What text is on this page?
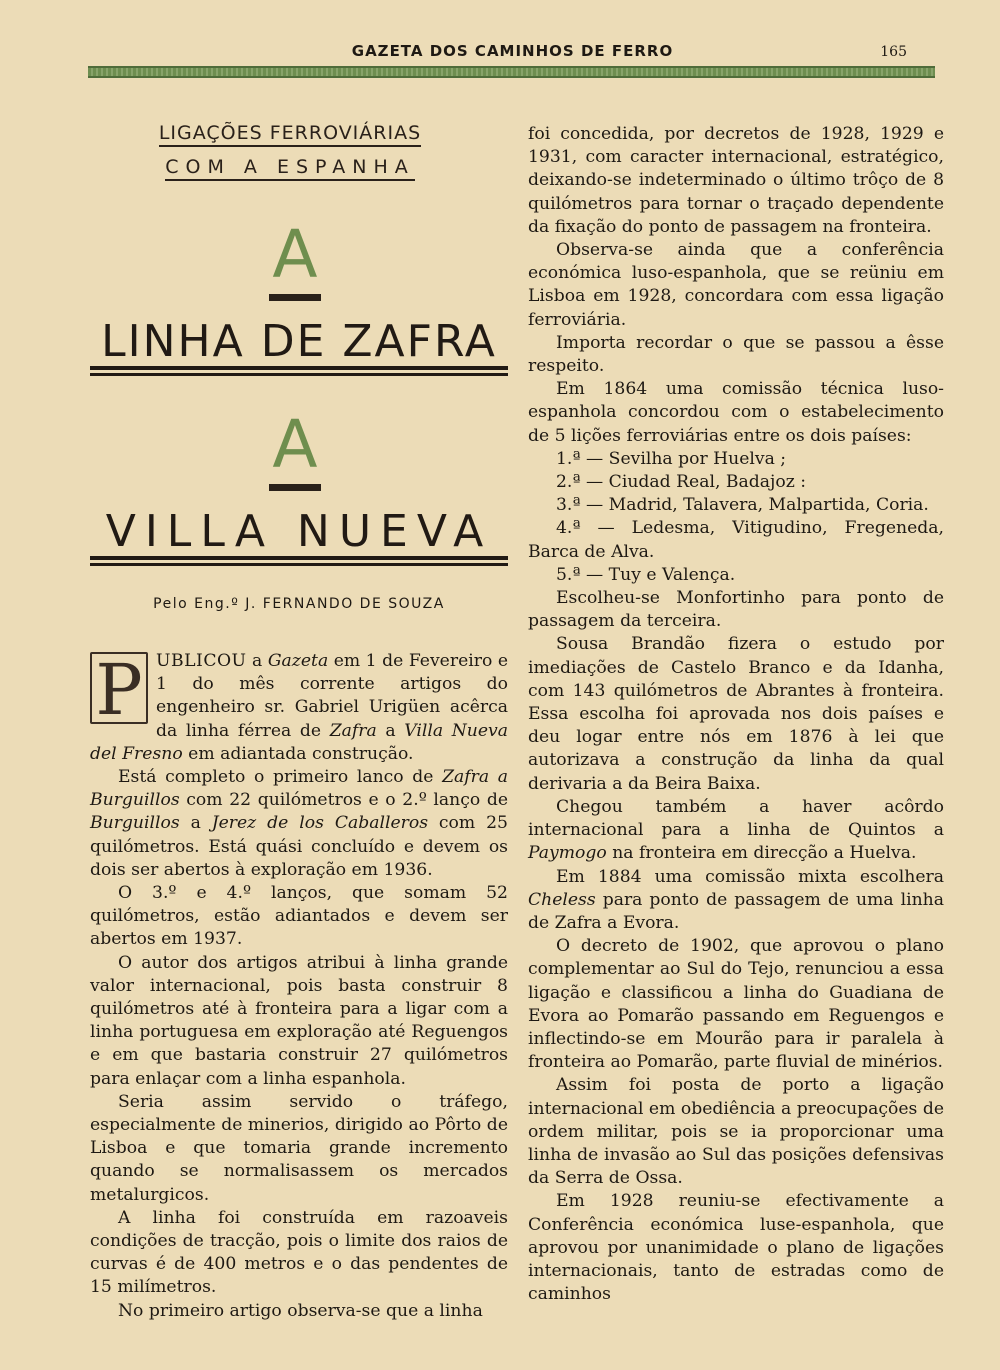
GAZETA DOS CAMINHOS DE FERRO	165
LIGAÇÕES FERROVIÁRIAS
COM A ESPANHA
A
LINHA DE ZAFRA
A
VILLA NUEVA
Pelo Eng.º J. FERNANDO DE SOUZA

P UBLICOU a Gazeta em 1 de Fevereiro e 1 do mês corrente artigos do engenheiro sr. Gabriel Urigüen acêrca da linha férrea de Zafra a Villa Nueva del Fresno em adiantada construção.

Está completo o primeiro lanco de Zafra a Burguillos com 22 quilómetros e o 2.º lanço de Burguillos a Jerez de los Caballeros com 25 quilómetros. Está quási concluído e devem os dois ser abertos à exploração em 1936.

O 3.º e 4.º lanços, que somam 52 quilómetros, estão adiantados e devem ser abertos em 1937.

O autor dos artigos atribui à linha grande valor internacional, pois basta construir 8 quilómetros até à fronteira para a ligar com a linha portuguesa em exploração até Reguengos e em que bastaria construir 27 quilómetros para enlaçar com a linha espanhola.

Seria assim servido o tráfego, especialmente de minerios, dirigido ao Pôrto de Lisboa e que tomaria grande incremento quando se normalisassem os mercados metalurgicos.

A linha foi construída em razoaveis condições de tracção, pois o limite dos raios de curvas é de 400 metros e o das pendentes de 15 milímetros.

No primeiro artigo observa-se que a linha

foi concedida, por decretos de 1928, 1929 e 1931, com caracter internacional, estratégico, deixando-se indeterminado o último trôço de 8 quilómetros para tornar o traçado dependente da fixação do ponto de passagem na fronteira.

Observa-se ainda que a conferência económica luso-espanhola, que se reüniu em Lisboa em 1928, concordara com essa ligação ferroviária.

Importa recordar o que se passou a êsse respeito.

Em 1864 uma comissão técnica luso-espanhola concordou com o estabelecimento de 5 lições ferroviárias entre os dois países:

1.ª — Sevilha por Huelva ;

2.ª — Ciudad Real, Badajoz :

3.ª — Madrid, Talavera, Malpartida, Coria.

4.ª — Ledesma, Vitigudino, Fregeneda, Barca de Alva.

5.ª — Tuy e Valença.

Escolheu-se Monfortinho para ponto de passagem da terceira.

Sousa Brandão fizera o estudo por imediações de Castelo Branco e da Idanha, com 143 quilómetros de Abrantes à fronteira. Essa escolha foi aprovada nos dois países e deu logar entre nós em 1876 à lei que autorizava a construção da linha da qual derivaria a da Beira Baixa.

Chegou também a haver acôrdo internacional para a linha de Quintos a Paymogo na fronteira em direcção a Huelva.

Em 1884 uma comissão mixta escolhera Cheless para ponto de passagem de uma linha de Zafra a Evora.

O decreto de 1902, que aprovou o plano complementar ao Sul do Tejo, renunciou a essa ligação e classificou a linha do Guadiana de Evora ao Pomarão passando em Reguengos e inflectindo-se em Mourão para ir paralela à fronteira ao Pomarão, parte fluvial de minérios.

Assim foi posta de porto a ligação internacional em obediência a preocupações de ordem militar, pois se ia proporcionar uma linha de invasão ao Sul das posições defensivas da Serra de Ossa.

Em 1928 reuniu-se efectivamente a Conferência económica luse-espanhola, que aprovou por unanimidade o plano de ligações internacionais, tanto de estradas como de caminhos
